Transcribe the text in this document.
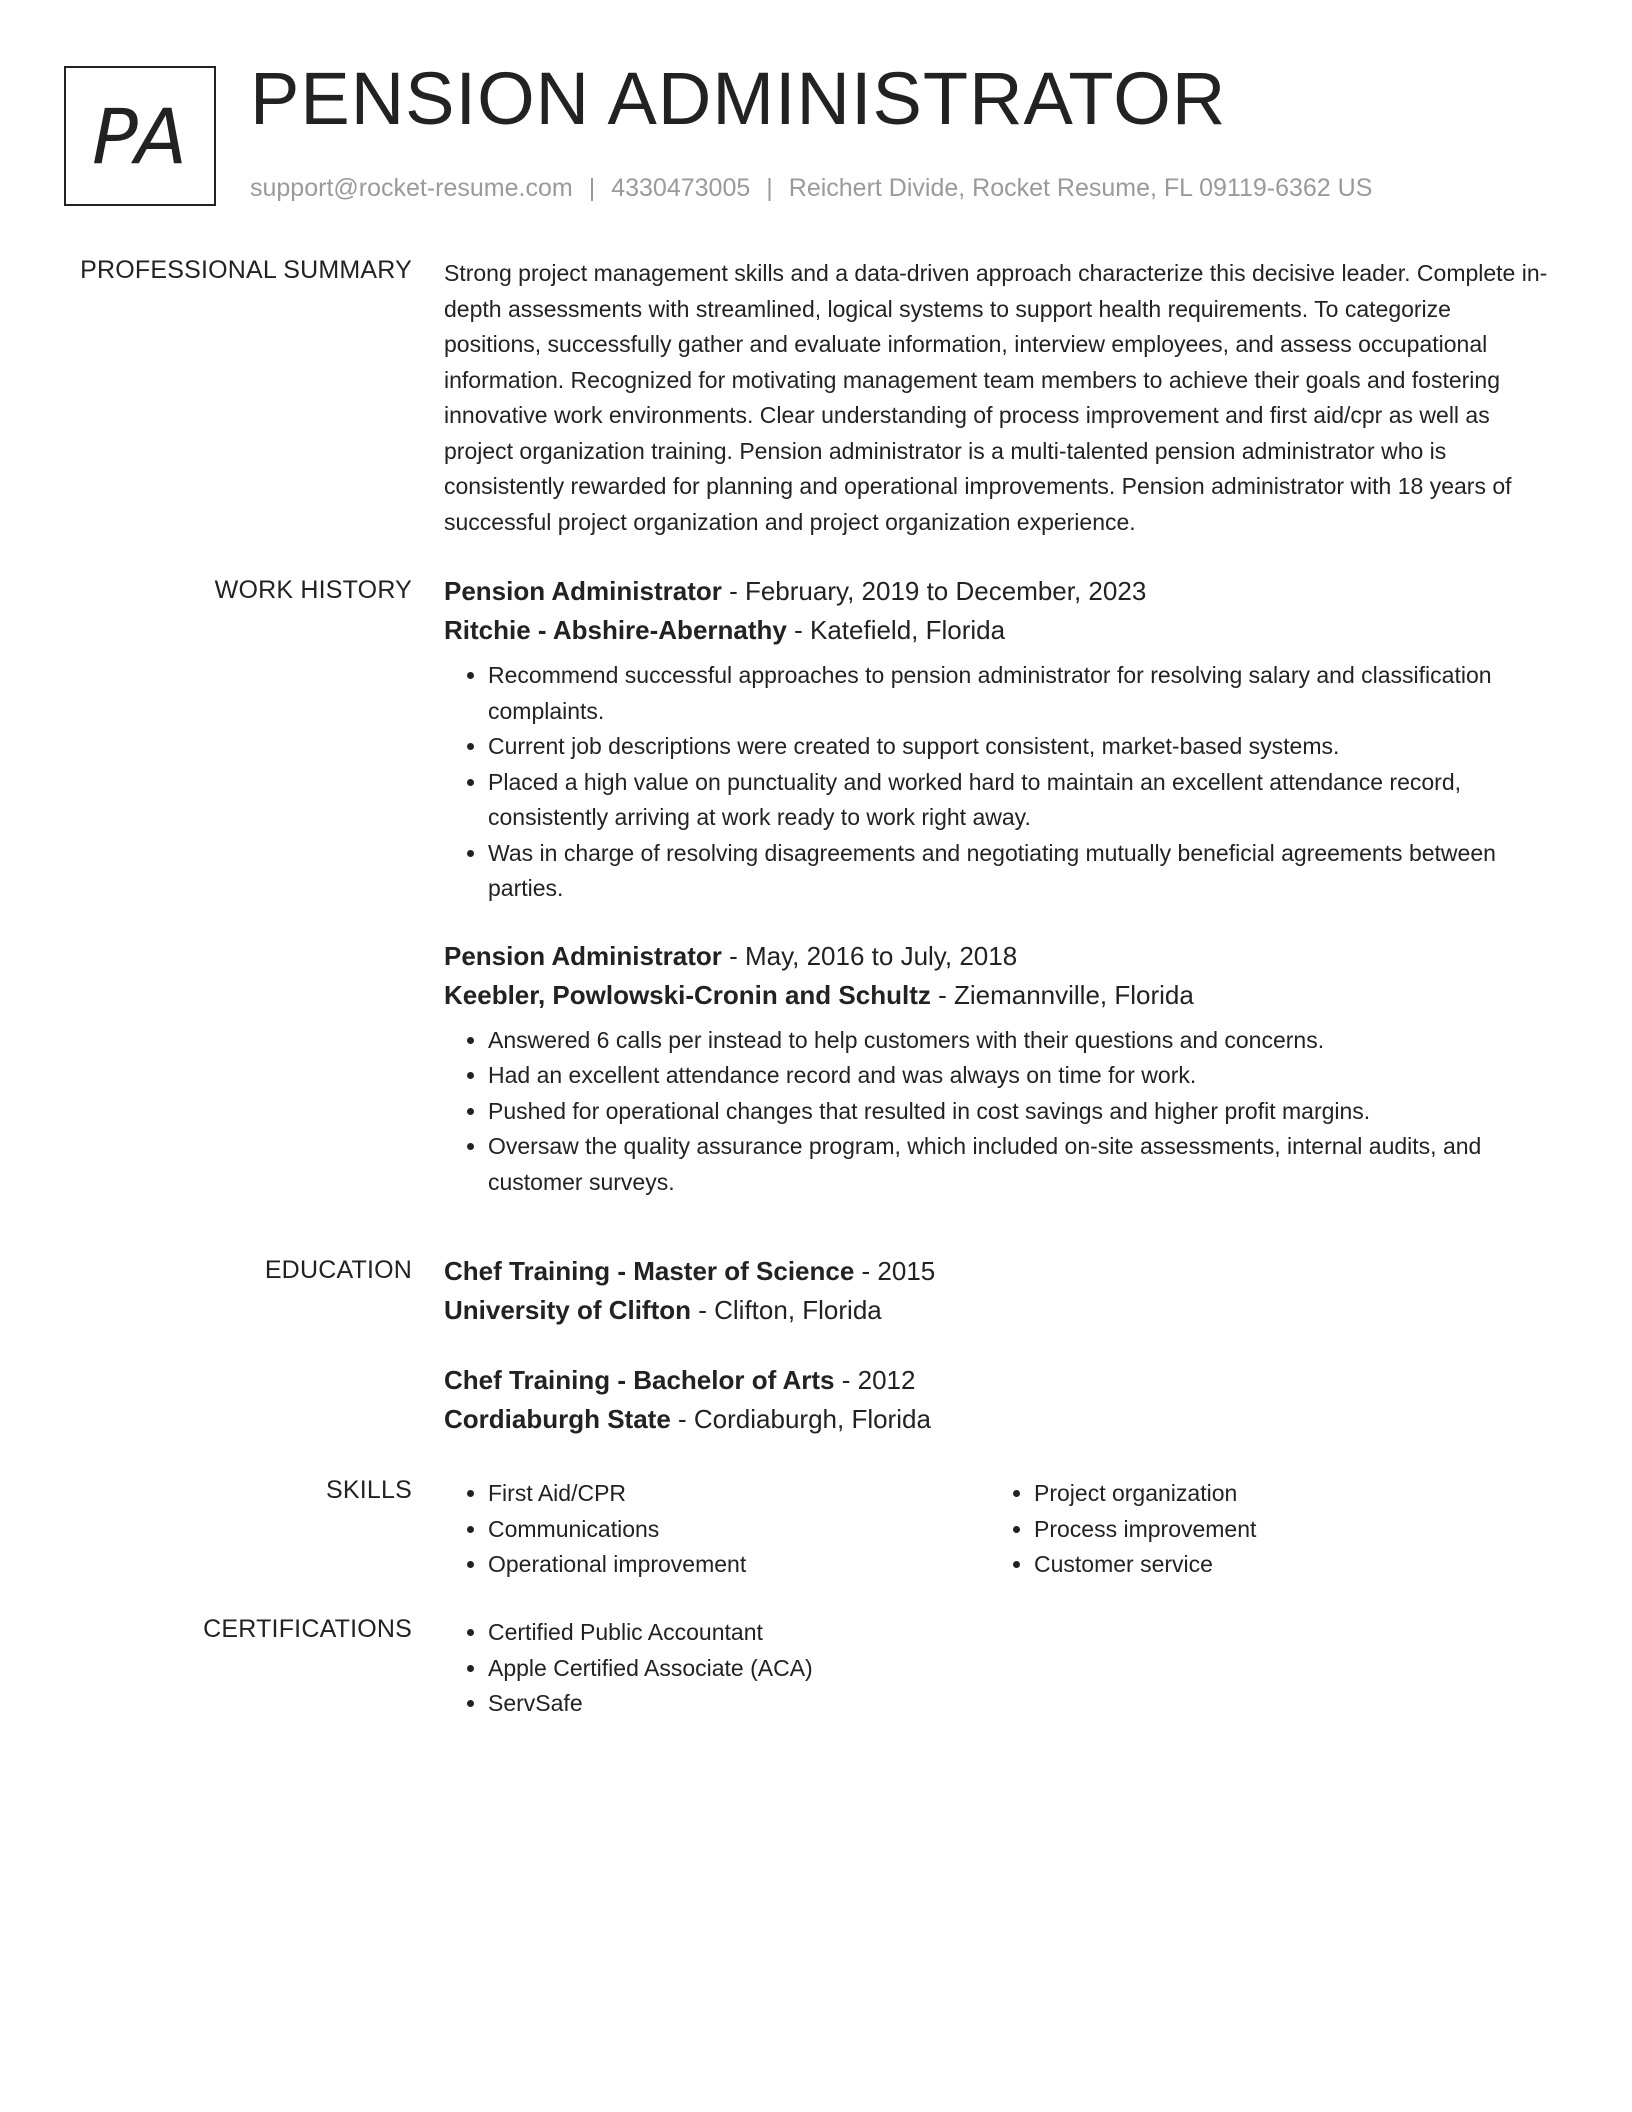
PA PENSION ADMINISTRATOR
support@rocket-resume.com | 4330473005 | Reichert Divide, Rocket Resume, FL 09119-6362 US
PROFESSIONAL SUMMARY Strong project management skills and a data-driven approach characterize this decisive leader. Complete in-depth assessments with streamlined, logical systems to support health requirements. To categorize positions, successfully gather and evaluate information, interview employees, and assess occupational information. Recognized for motivating management team members to achieve their goals and fostering innovative work environments. Clear understanding of process improvement and first aid/cpr as well as project organization training. Pension administrator is a multi-talented pension administrator who is consistently rewarded for planning and operational improvements. Pension administrator with 18 years of successful project organization and project organization experience.
WORK HISTORY Pension Administrator - February, 2019 to December, 2023
Ritchie - Abshire-Abernathy - Katefield, Florida
• Recommend successful approaches to pension administrator for resolving salary and classification complaints.
• Current job descriptions were created to support consistent, market-based systems.
• Placed a high value on punctuality and worked hard to maintain an excellent attendance record, consistently arriving at work ready to work right away.
• Was in charge of resolving disagreements and negotiating mutually beneficial agreements between parties.
Pension Administrator - May, 2016 to July, 2018
Keebler, Powlowski-Cronin and Schultz - Ziemannville, Florida
• Answered 6 calls per instead to help customers with their questions and concerns.
• Had an excellent attendance record and was always on time for work.
• Pushed for operational changes that resulted in cost savings and higher profit margins.
• Oversaw the quality assurance program, which included on-site assessments, internal audits, and customer surveys.
EDUCATION Chef Training - Master of Science - 2015
University of Clifton - Clifton, Florida
Chef Training - Bachelor of Arts - 2012
Cordiaburgh State - Cordiaburgh, Florida
SKILLS	• First Aid/CPR
• Communications
• Operational improvement
• Project organization
• Process improvement
• Customer service
CERTIFICATIONS	• Certified Public Accountant
• Apple Certified Associate (ACA)
• ServSafe
